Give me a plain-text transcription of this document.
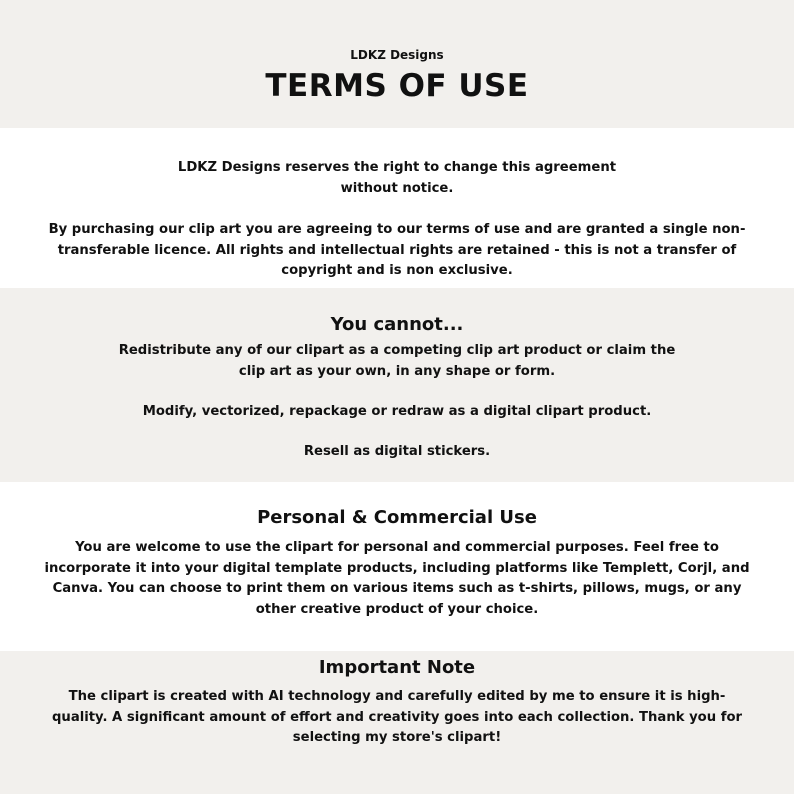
LDKZ Designs
TERMS OF USE

LDKZ Designs reserves the right to change this agreement
without notice.

By purchasing our clip art you are agreeing to our terms of use and are granted a single non-
transferable licence. All rights and intellectual rights are retained - this is not a transfer of
copyright and is non exclusive.

You cannot...

Redistribute any of our clipart as a competing clip art product or claim the
clip art as your own, in any shape or form.

Modify, vectorized, repackage or redraw as a digital clipart product.

Resell as digital stickers.

Personal & Commercial Use

You are welcome to use the clipart for personal and commercial purposes. Feel free to
incorporate it into your digital template products, including platforms like Templett, Corjl, and
Canva. You can choose to print them on various items such as t-shirts, pillows, mugs, or any
other creative product of your choice.

Important Note

The clipart is created with AI technology and carefully edited by me to ensure it is high-
quality. A significant amount of effort and creativity goes into each collection. Thank you for
selecting my store's clipart!
